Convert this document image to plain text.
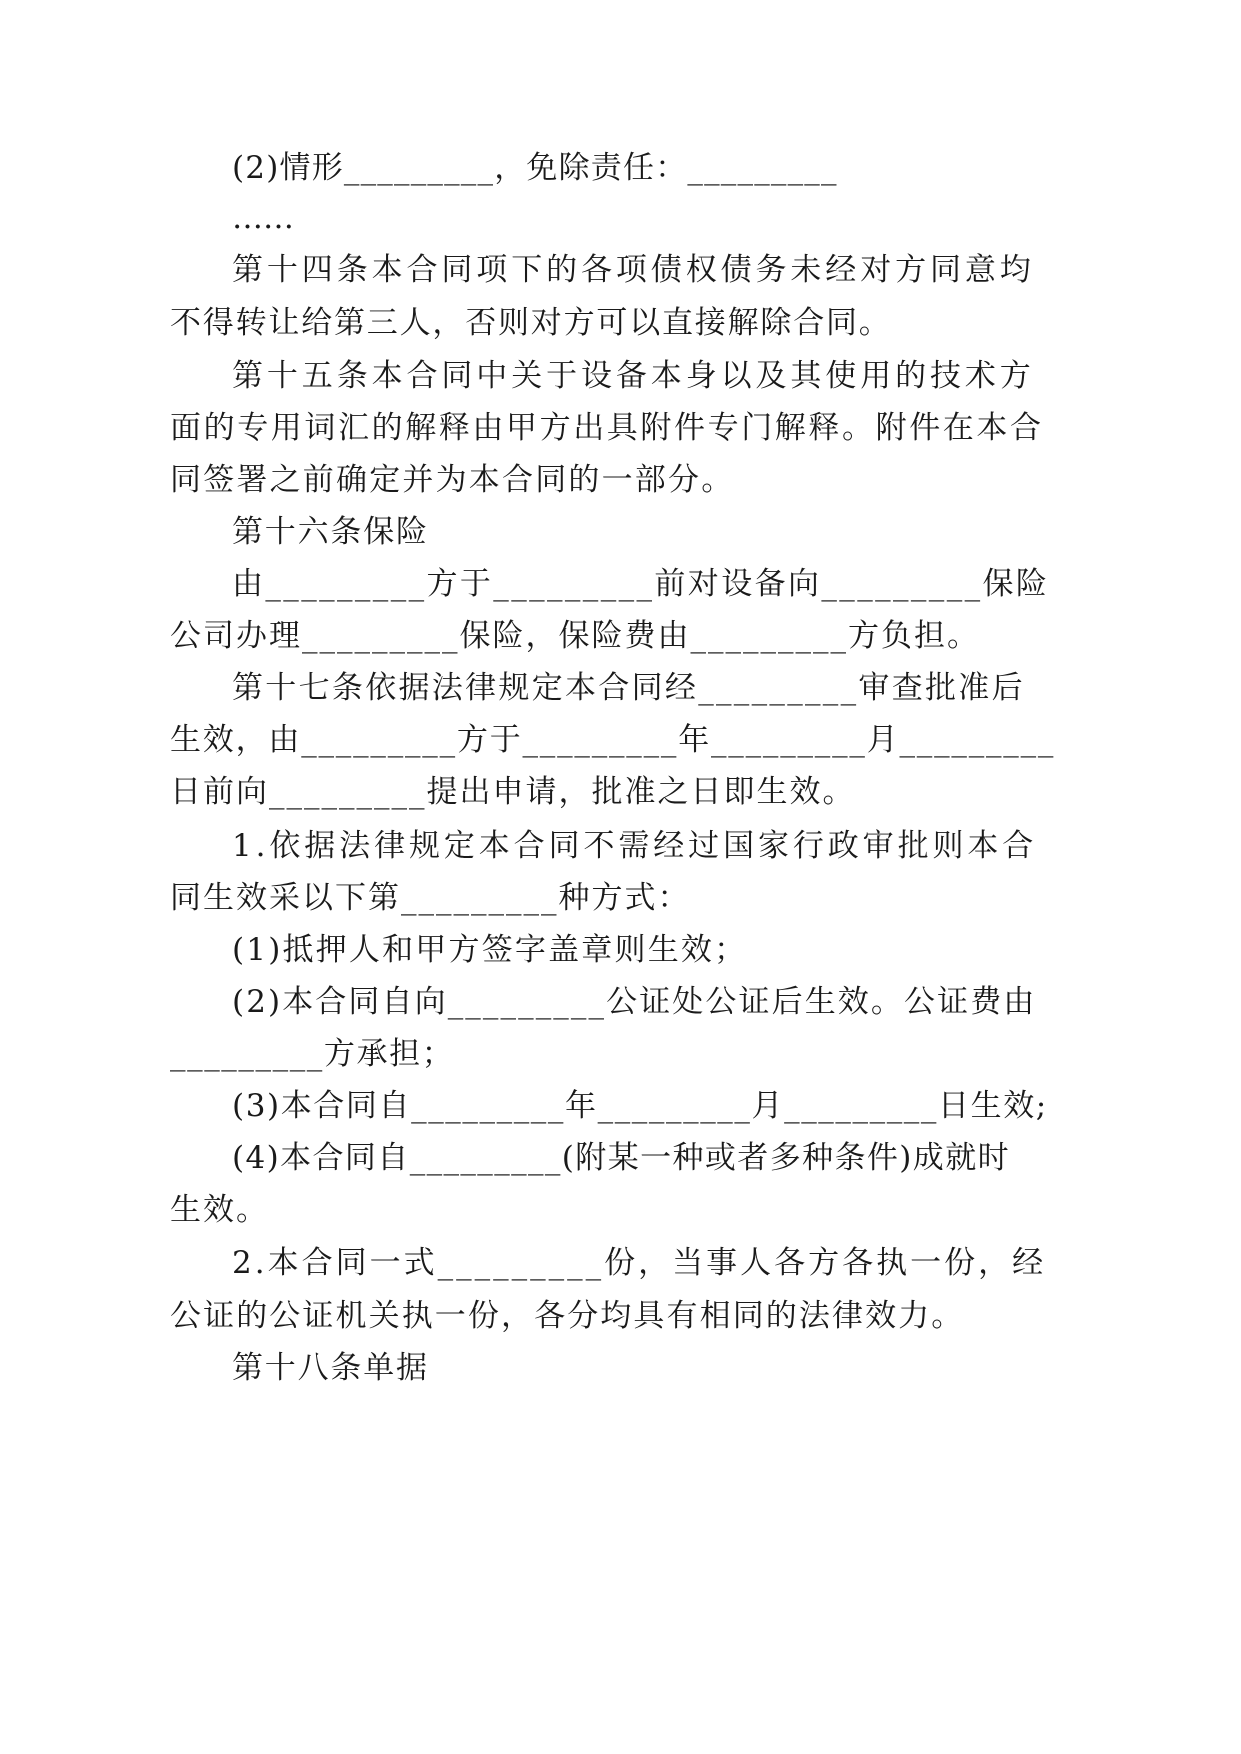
(2)情形_________，免除责任：_________
……
第十四条本合同项下的各项债权债务未经对方同意均
不得转让给第三人，否则对方可以直接解除合同。
第十五条本合同中关于设备本身以及其使用的技术方
面的专用词汇的解释由甲方出具附件专门解释。附件在本合
同签署之前确定并为本合同的一部分。
第十六条保险
由_________方于_________前对设备向_________保险
公司办理_________保险，保险费由_________方负担。
第十七条依据法律规定本合同经_________审查批准后
生效，由_________方于_________年_________月_________
日前向_________提出申请，批准之日即生效。
1.依据法律规定本合同不需经过国家行政审批则本合
同生效采以下第_________种方式：
(1)抵押人和甲方签字盖章则生效；
(2)本合同自向_________公证处公证后生效。公证费由
_________方承担；
(3)本合同自_________年_________月_________日生效;
(4)本合同自_________(附某一种或者多种条件)成就时
生效。
2.本合同一式_________份，当事人各方各执一份，经
公证的公证机关执一份，各分均具有相同的法律效力。
第十八条单据
